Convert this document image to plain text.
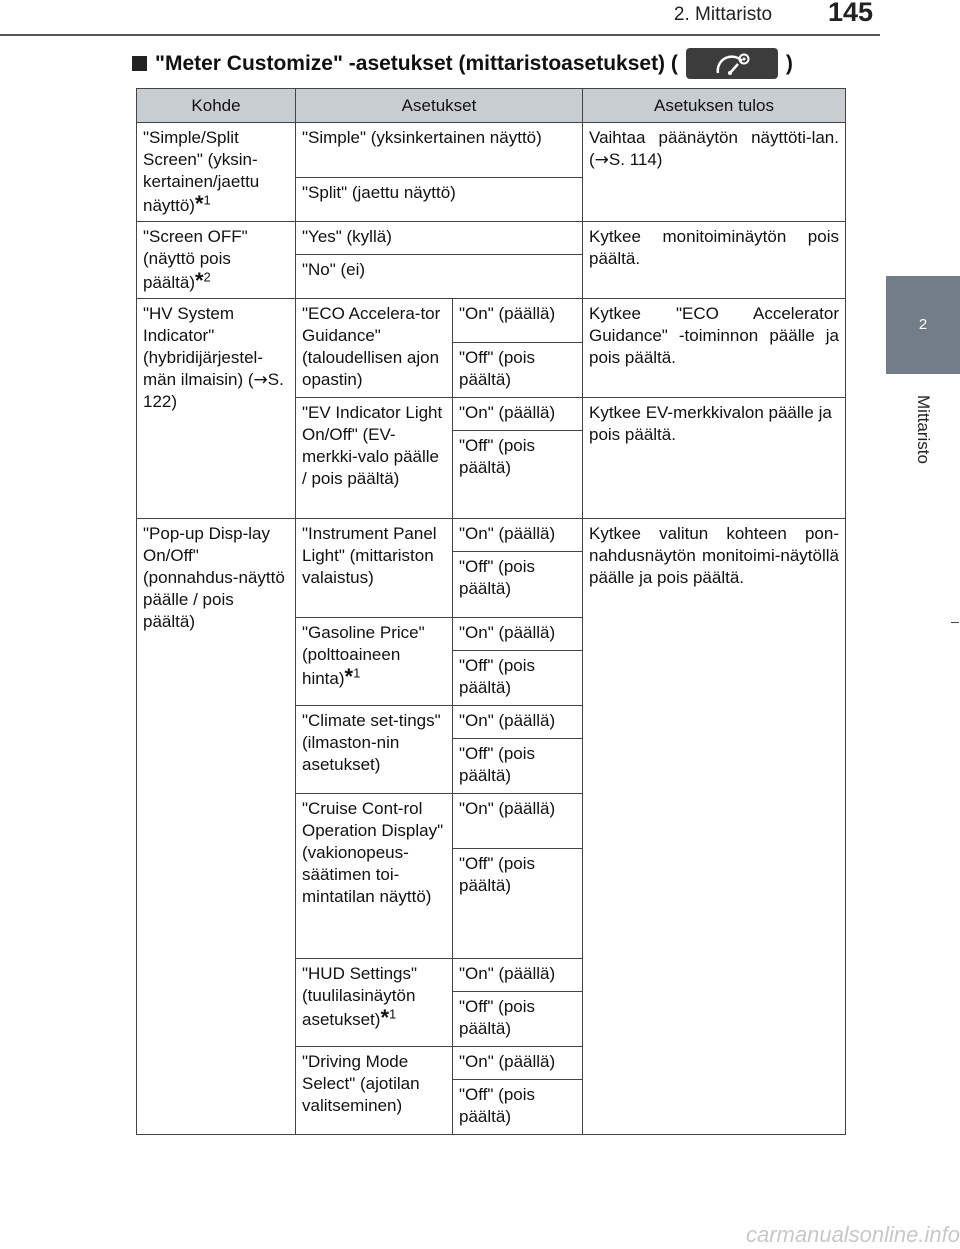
2. Mittaristo	145
2
Mittaristo
"Meter Customize" -asetukset (mittaristoasetukset) (	)
Kohde	Asetukset		Asetuksen tulos
"Simple/Split Screen" (yksin-kertainen/jaettu näyttö)*$^1$	"Simple" (yksinkertainen näyttö)		Vaihtaa päänäytön näyttöti-lan. (→S. 114)
	"Split" (jaettu näyttö)		
"Screen OFF" (näyttö pois päältä)*$^2$	"Yes" (kyllä)		Kytkee monitoiminäytön pois päältä.
	"No" (ei)		
"HV System Indicator" (hybridijärjestel-män ilmaisin) (→S. 122)	"ECO Accelera-tor Guidance" (taloudellisen ajon opastin)	"On" (päällä)	Kytkee "ECO Accelerator Guidance" -toiminnon päälle ja pois päältä.
		"Off" (pois päältä)	
	"EV Indicator Light On/Off" (EV-merkki-valo päälle / pois päältä)	"On" (päällä)	Kytkee EV-merkkivalon päälle ja pois päältä.
		"Off" (pois päältä)	
"Pop-up Disp-lay On/Off" (ponnahdus-näyttö päälle / pois päältä)	"Instrument Panel Light" (mittariston valaistus)	"On" (päällä)	Kytkee valitun kohteen pon-nahdusnäytön monitoimi-näytöllä päälle ja pois päältä.
		"Off" (pois päältä)	
	"Gasoline Price" (polttoaineen hinta)*$^1$	"On" (päällä)	
		"Off" (pois päältä)	
	"Climate set-tings" (ilmaston-nin asetukset)	"On" (päällä)	
		"Off" (pois päältä)	
	"Cruise Cont-rol Operation Display" (vakionopeus-säätimen toi-mintatilan näyttö)	"On" (päällä)	
		"Off" (pois päältä)	
	"HUD Settings" (tuulilasinäytön asetukset)*$^1$	"On" (päällä)	
		"Off" (pois päältä)	
	"Driving Mode Select" (ajotilan valitseminen)	"On" (päällä)	
		"Off" (pois päältä)	
carmanualsonline.info
